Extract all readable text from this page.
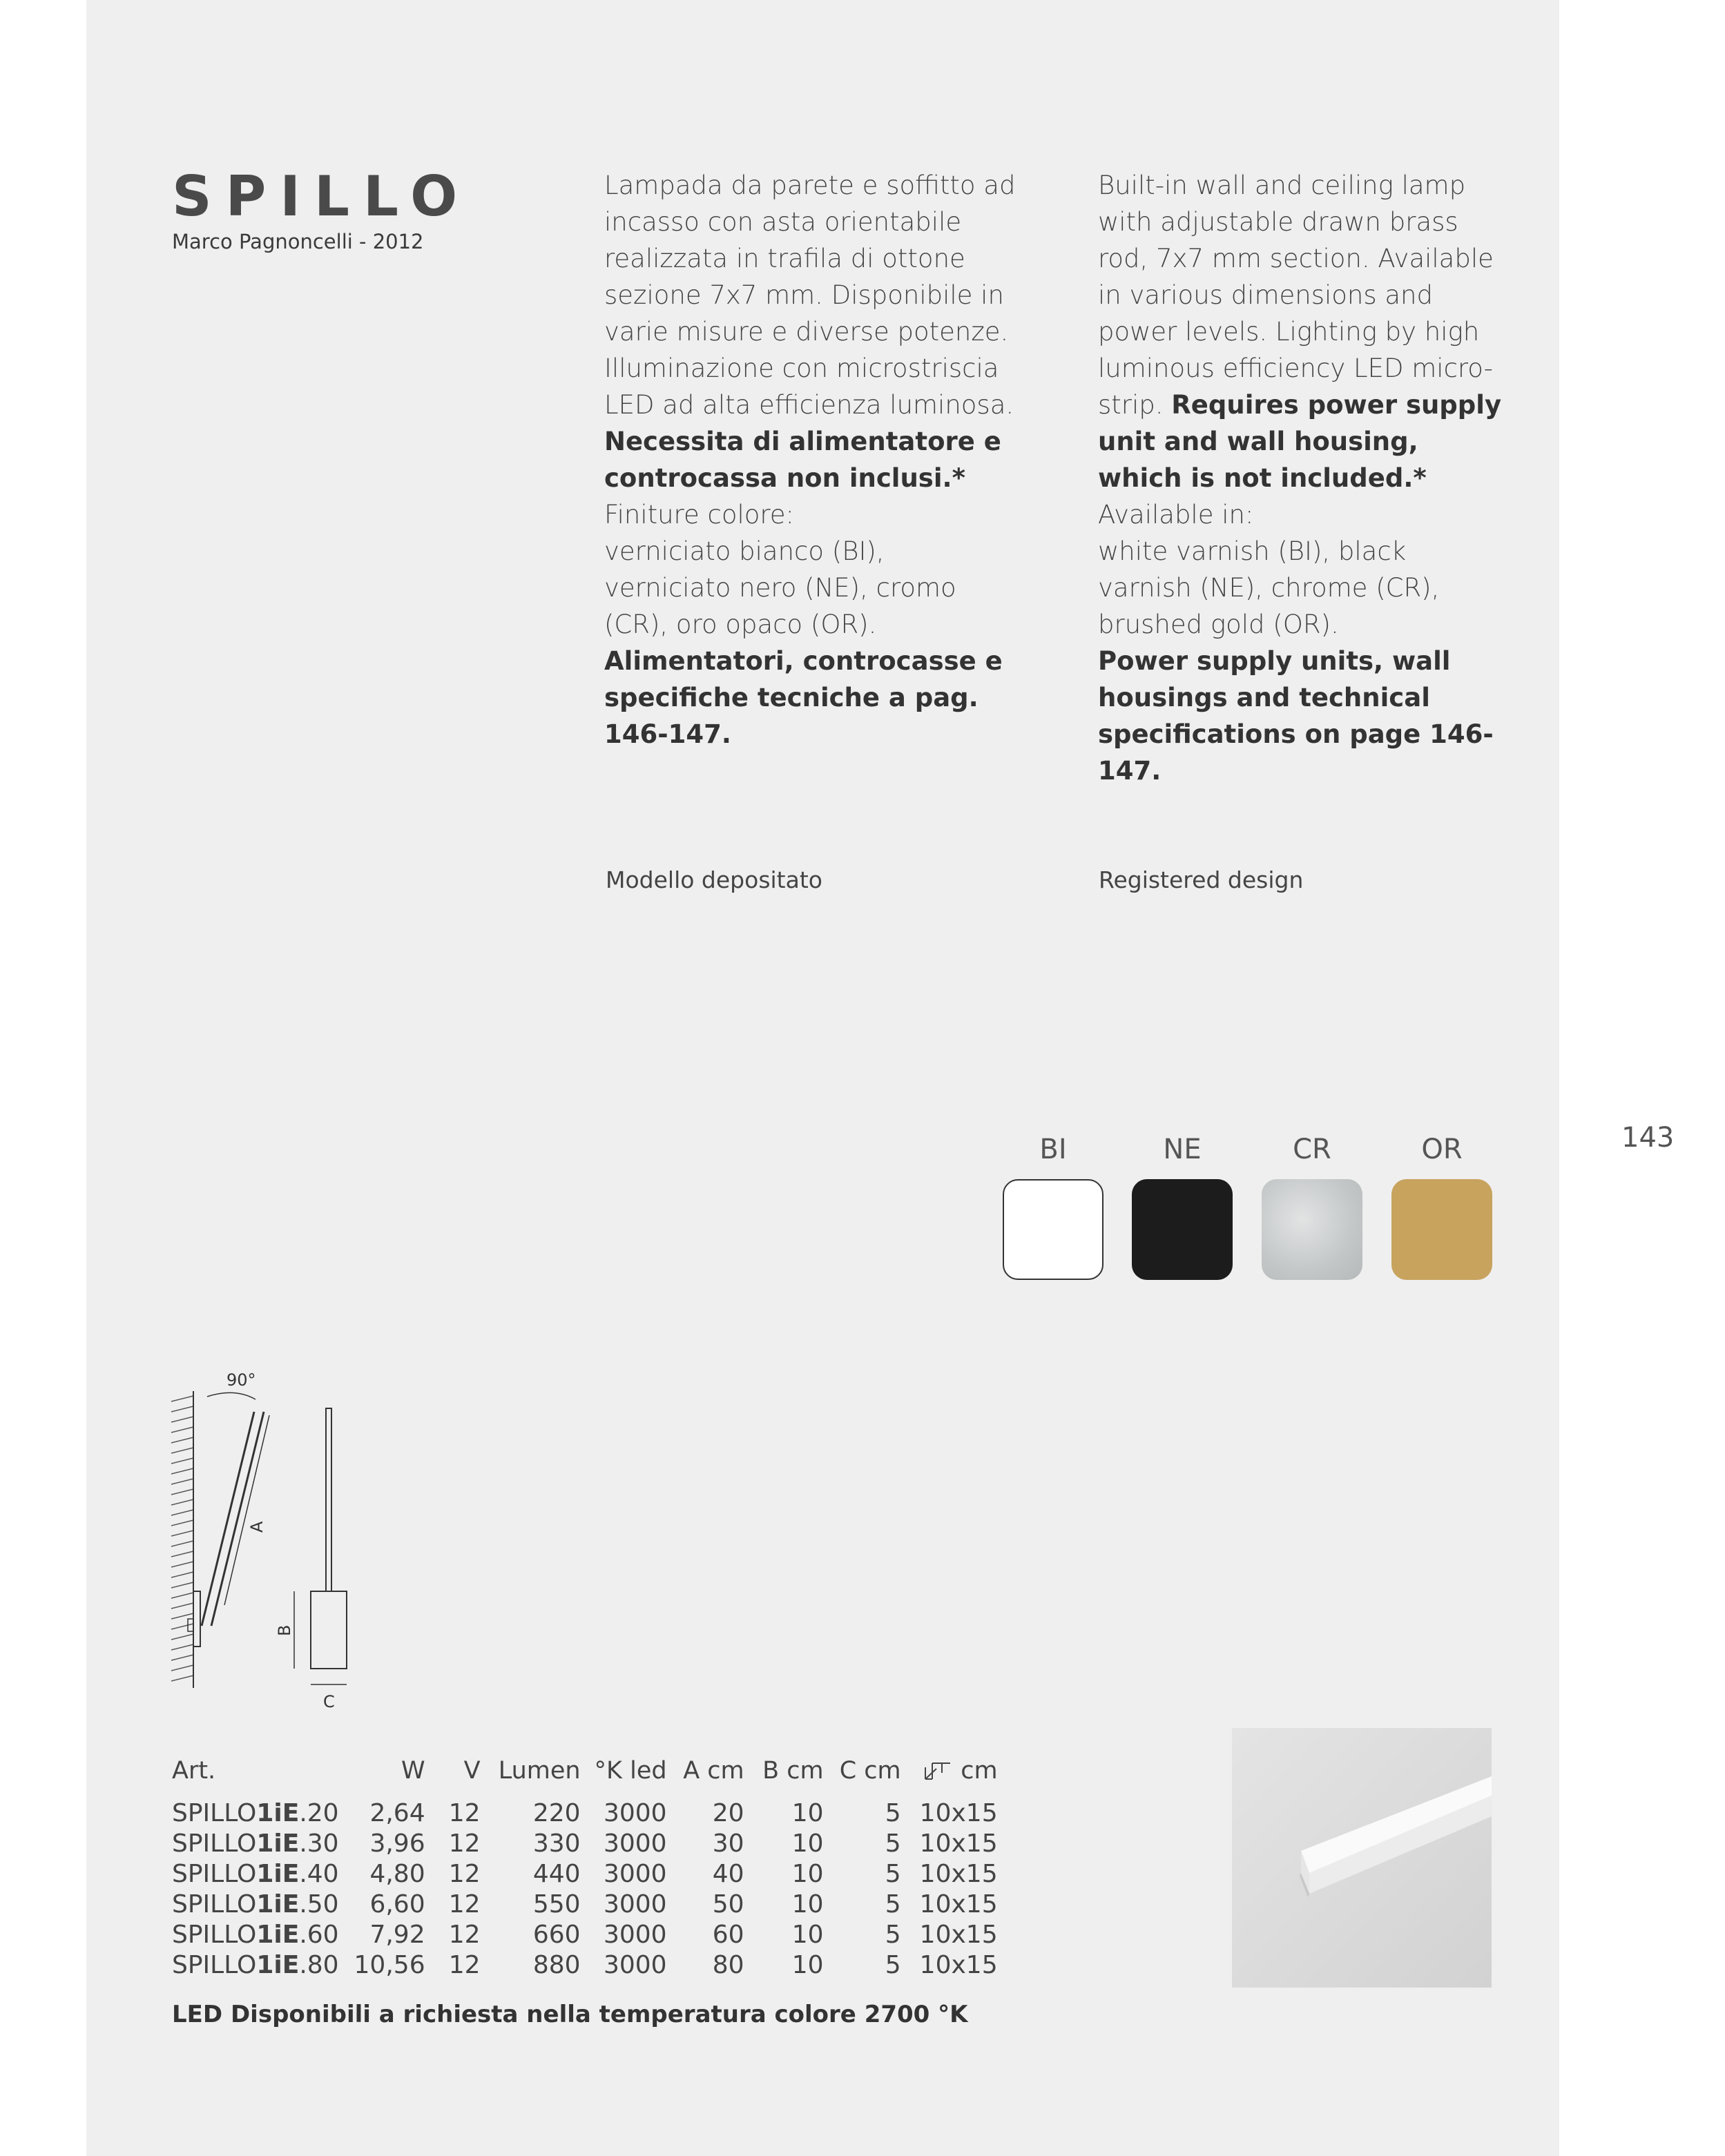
SPILLO
Marco Pagnoncelli - 2012

Lampada da parete e soffitto ad incasso con asta orientabile realizzata in trafila di ottone sezione 7x7 mm. Disponibile in varie misure e diverse potenze. Illuminazione con microstriscia LED ad alta efficienza luminosa.

Necessita di alimentatore e controcassa non inclusi.*

Finiture colore:

verniciato bianco (BI), verniciato nero (NE), cromo (CR), oro opaco (OR).

Alimentatori, controcasse e specifiche tecniche a pag. 146-147.

Built-in wall and ceiling lamp with adjustable drawn brass rod, 7x7 mm section. Available in various dimensions and power levels. Lighting by high luminous efficiency LED micro-strip. Requires power supply unit and wall housing, which is not included.*

Available in:

white varnish (BI), black varnish (NE), chrome (CR), brushed gold (OR).

Power supply units, wall housings and technical specifications on page 146-147.

Modello depositato	Registered design
143
BI	NE	CR	OR
90°
A
B
C
Art.	W	V	Lumen	°K led	A cm	B cm	C cm	cm

SPILLO1iE.20	2,64	12	220	3000	20	10	5	10x15
SPILLO1iE.30	3,96	12	330	3000	30	10	5	10x15
SPILLO1iE.40	4,80	12	440	3000	40	10	5	10x15
SPILLO1iE.50	6,60	12	550	3000	50	10	5	10x15
SPILLO1iE.60	7,92	12	660	3000	60	10	5	10x15
SPILLO1iE.80	10,56	12	880	3000	80	10	5	10x15
LED Disponibili a richiesta nella temperatura colore 2700 °K
